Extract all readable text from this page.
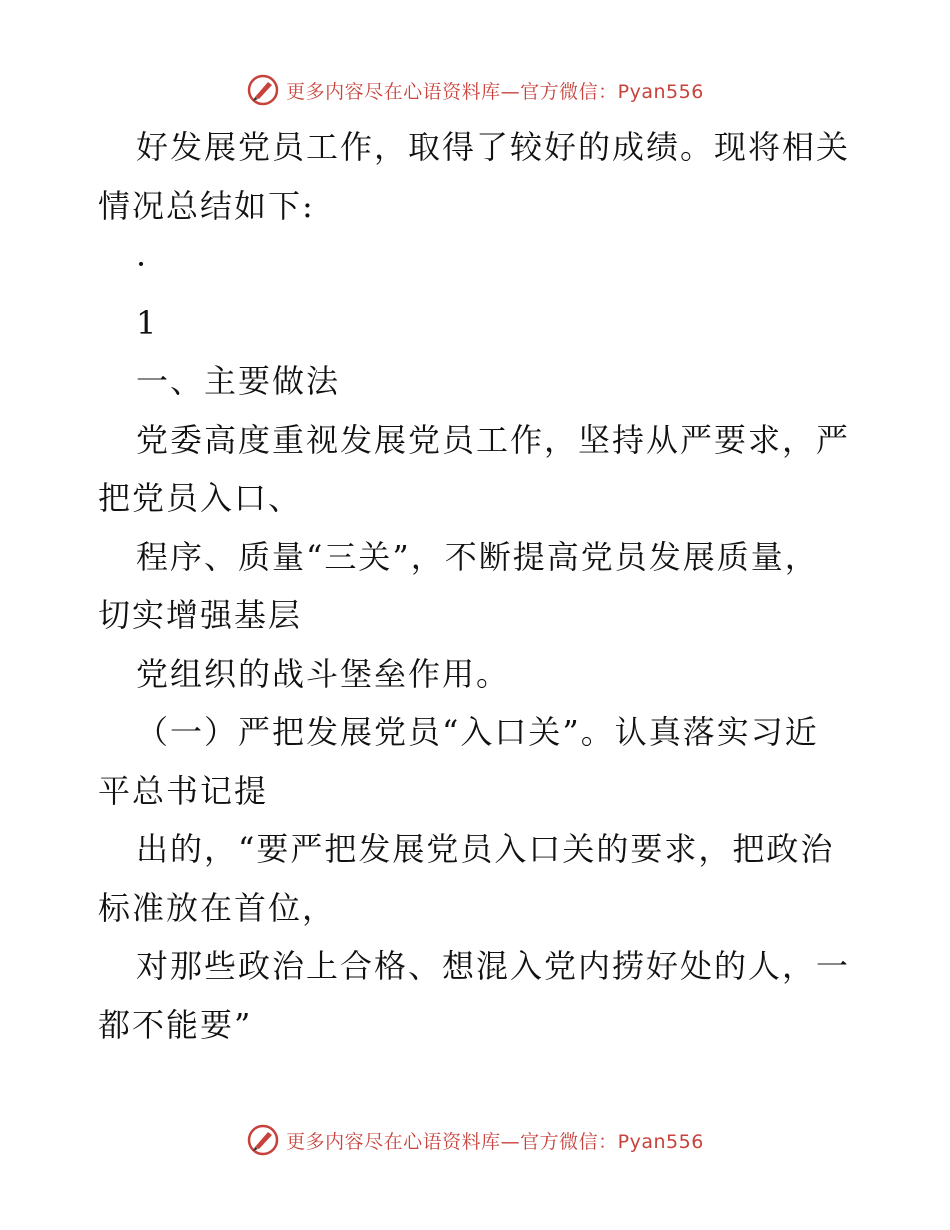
更多内容尽在心语资料库—官方微信：Pyan556
好发展党员工作，取得了较好的成绩。现将相关
情况总结如下:
·
1
一、主要做法
党委高度重视发展党员工作，坚持从严要求，严
把党员入口、
程序、质量“三关”，不断提高党员发展质量，
切实增强基层
党组织的战斗堡垒作用。
（一）严把发展党员“入口关”。认真落实习近
平总书记提
出的，“要严把发展党员入口关的要求，把政治
标准放在首位，
对那些政治上合格、想混入党内捞好处的人，一
都不能要”
更多内容尽在心语资料库—官方微信：Pyan556
